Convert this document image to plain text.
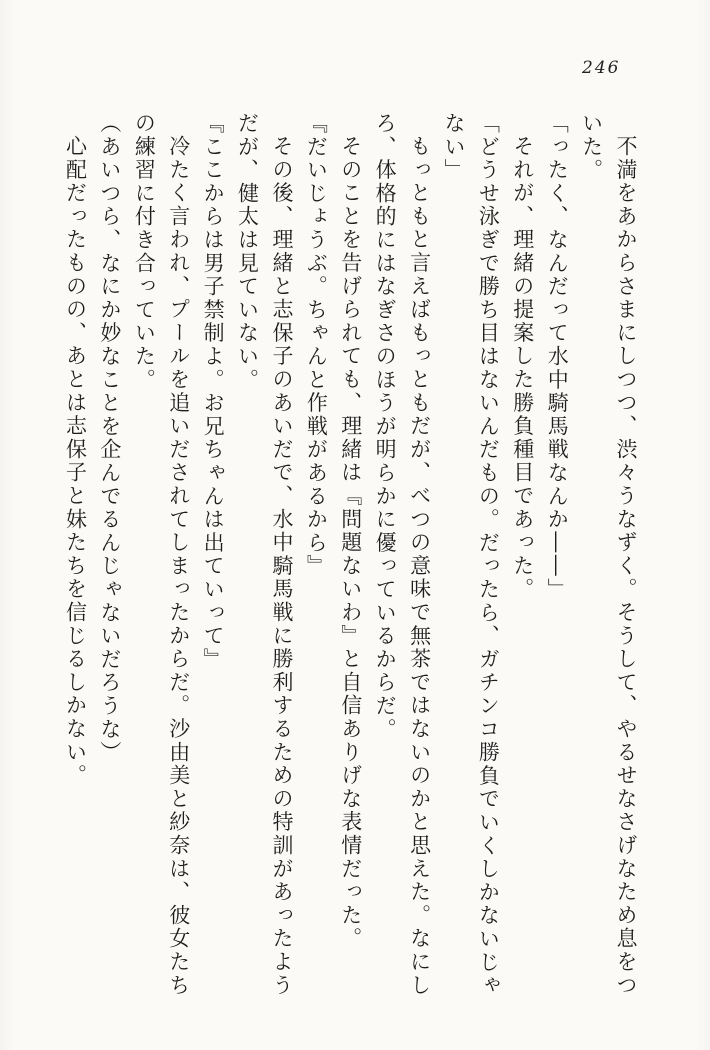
246

不満をあからさまにしつつ、渋々うなずく。そうして、やるせなさげなため息をつ

いた。

「ったく、なんだって水中騎馬戦なんか――」

それが、理緒の提案した勝負種目であった。

「どうせ泳ぎで勝ち目はないんだもの。だったら、ガチンコ勝負でいくしかないじゃ

ない」

もっともと言えばもっともだが、べつの意味で無茶ではないのかと思えた。なにし

ろ、体格的にはなぎさのほうが明らかに優っているからだ。

そのことを告げられても、理緒は『問題ないわ』と自信ありげな表情だった。

『だいじょうぶ。ちゃんと作戦があるから』

その後、理緒と志保子のあいだで、水中騎馬戦に勝利するための特訓があったよう

だが、健太は見ていない。

『ここからは男子禁制よ。お兄ちゃんは出ていって』

冷たく言われ、プールを追いだされてしまったからだ。沙由美と紗奈は、彼女たち

の練習に付き合っていた。

（あいつら、なにか妙なことを企んでるんじゃないだろうな）

心配だったものの、あとは志保子と妹たちを信じるしかない。
